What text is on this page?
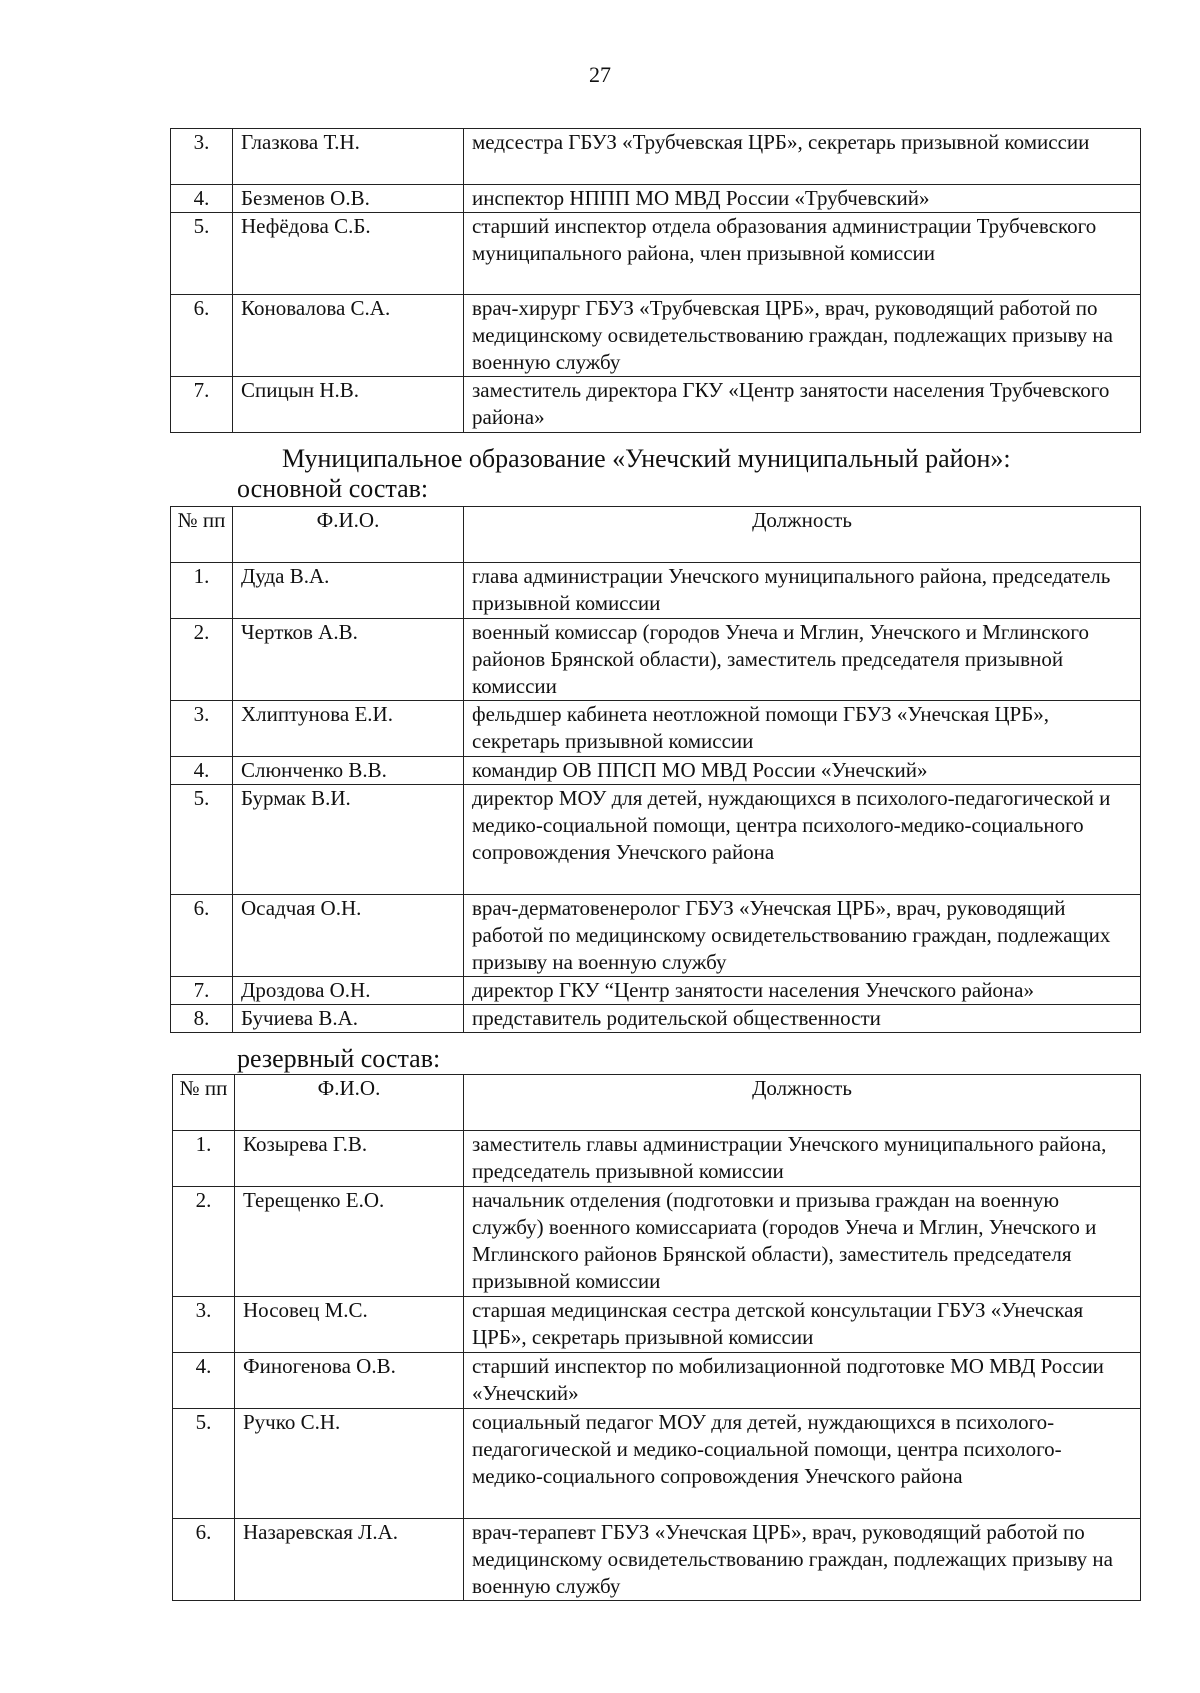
27
3.	Глазкова Т.Н.	медсестра ГБУЗ «Трубчевская ЦРБ», секретарь призывной комиссии
4.	Безменов О.В.	инспектор НППП МО МВД России «Трубчевский»
5.	Нефёдова С.Б.	старший инспектор отдела образования администрации Трубчевского муниципального района, член призывной комиссии
6.	Коновалова С.А.	врач-хирург ГБУЗ «Трубчевская ЦРБ», врач, руководящий работой по медицинскому освидетельствованию граждан, подлежащих призыву на военную службу
7.	Спицын Н.В.	заместитель директора ГКУ «Центр занятости населения Трубчевского района»
Муниципальное образование «Унечский муниципальный район»:
основной состав:
№ пп	Ф.И.О.	Должность
1.	Дуда В.А.	глава администрации Унечского муниципального района, председатель призывной комиссии
2.	Чертков А.В.	военный комиссар (городов Унеча и Мглин, Унечского и Мглинского районов Брянской области), заместитель председателя призывной комиссии
3.	Хлиптунова Е.И.	фельдшер кабинета неотложной помощи ГБУЗ «Унечская ЦРБ», секретарь призывной комиссии
4.	Слюнченко В.В.	командир ОВ ППСП МО МВД России «Унечский»
5.	Бурмак В.И.	директор МОУ для детей, нуждающихся в психолого-педагогической и медико-социальной помощи, центра психолого-медико-социального сопровождения Унечского района
6.	Осадчая О.Н.	врач-дерматовенеролог ГБУЗ «Унечская ЦРБ», врач, руководящий работой по медицинскому освидетельствованию граждан, подлежащих призыву на военную службу
7.	Дроздова О.Н.	директор ГКУ “Центр занятости населения Унечского района»
8.	Бучиева В.А.	представитель родительской общественности
резервный состав:
№ пп	Ф.И.О.	Должность
1.	Козырева Г.В.	заместитель главы администрации Унечского муниципального района, председатель призывной комиссии
2.	Терещенко Е.О.	начальник отделения (подготовки и призыва граждан на военную службу) военного комиссариата (городов Унеча и Мглин, Унечского и Мглинского районов Брянской области), заместитель председателя призывной комиссии
3.	Носовец М.С.	старшая медицинская сестра детской консультации ГБУЗ «Унечская ЦРБ», секретарь призывной комиссии
4.	Финогенова О.В.	старший инспектор по мобилизационной подготовке МО МВД России «Унечский»
5.	Ручко С.Н.	социальный педагог МОУ для детей, нуждающихся в психолого-педагогической и медико-социальной помощи, центра психолого-медико-социального сопровождения Унечского района
6.	Назаревская Л.А.	врач-терапевт ГБУЗ «Унечская ЦРБ», врач, руководящий работой по медицинскому освидетельствованию граждан, подлежащих призыву на военную службу
